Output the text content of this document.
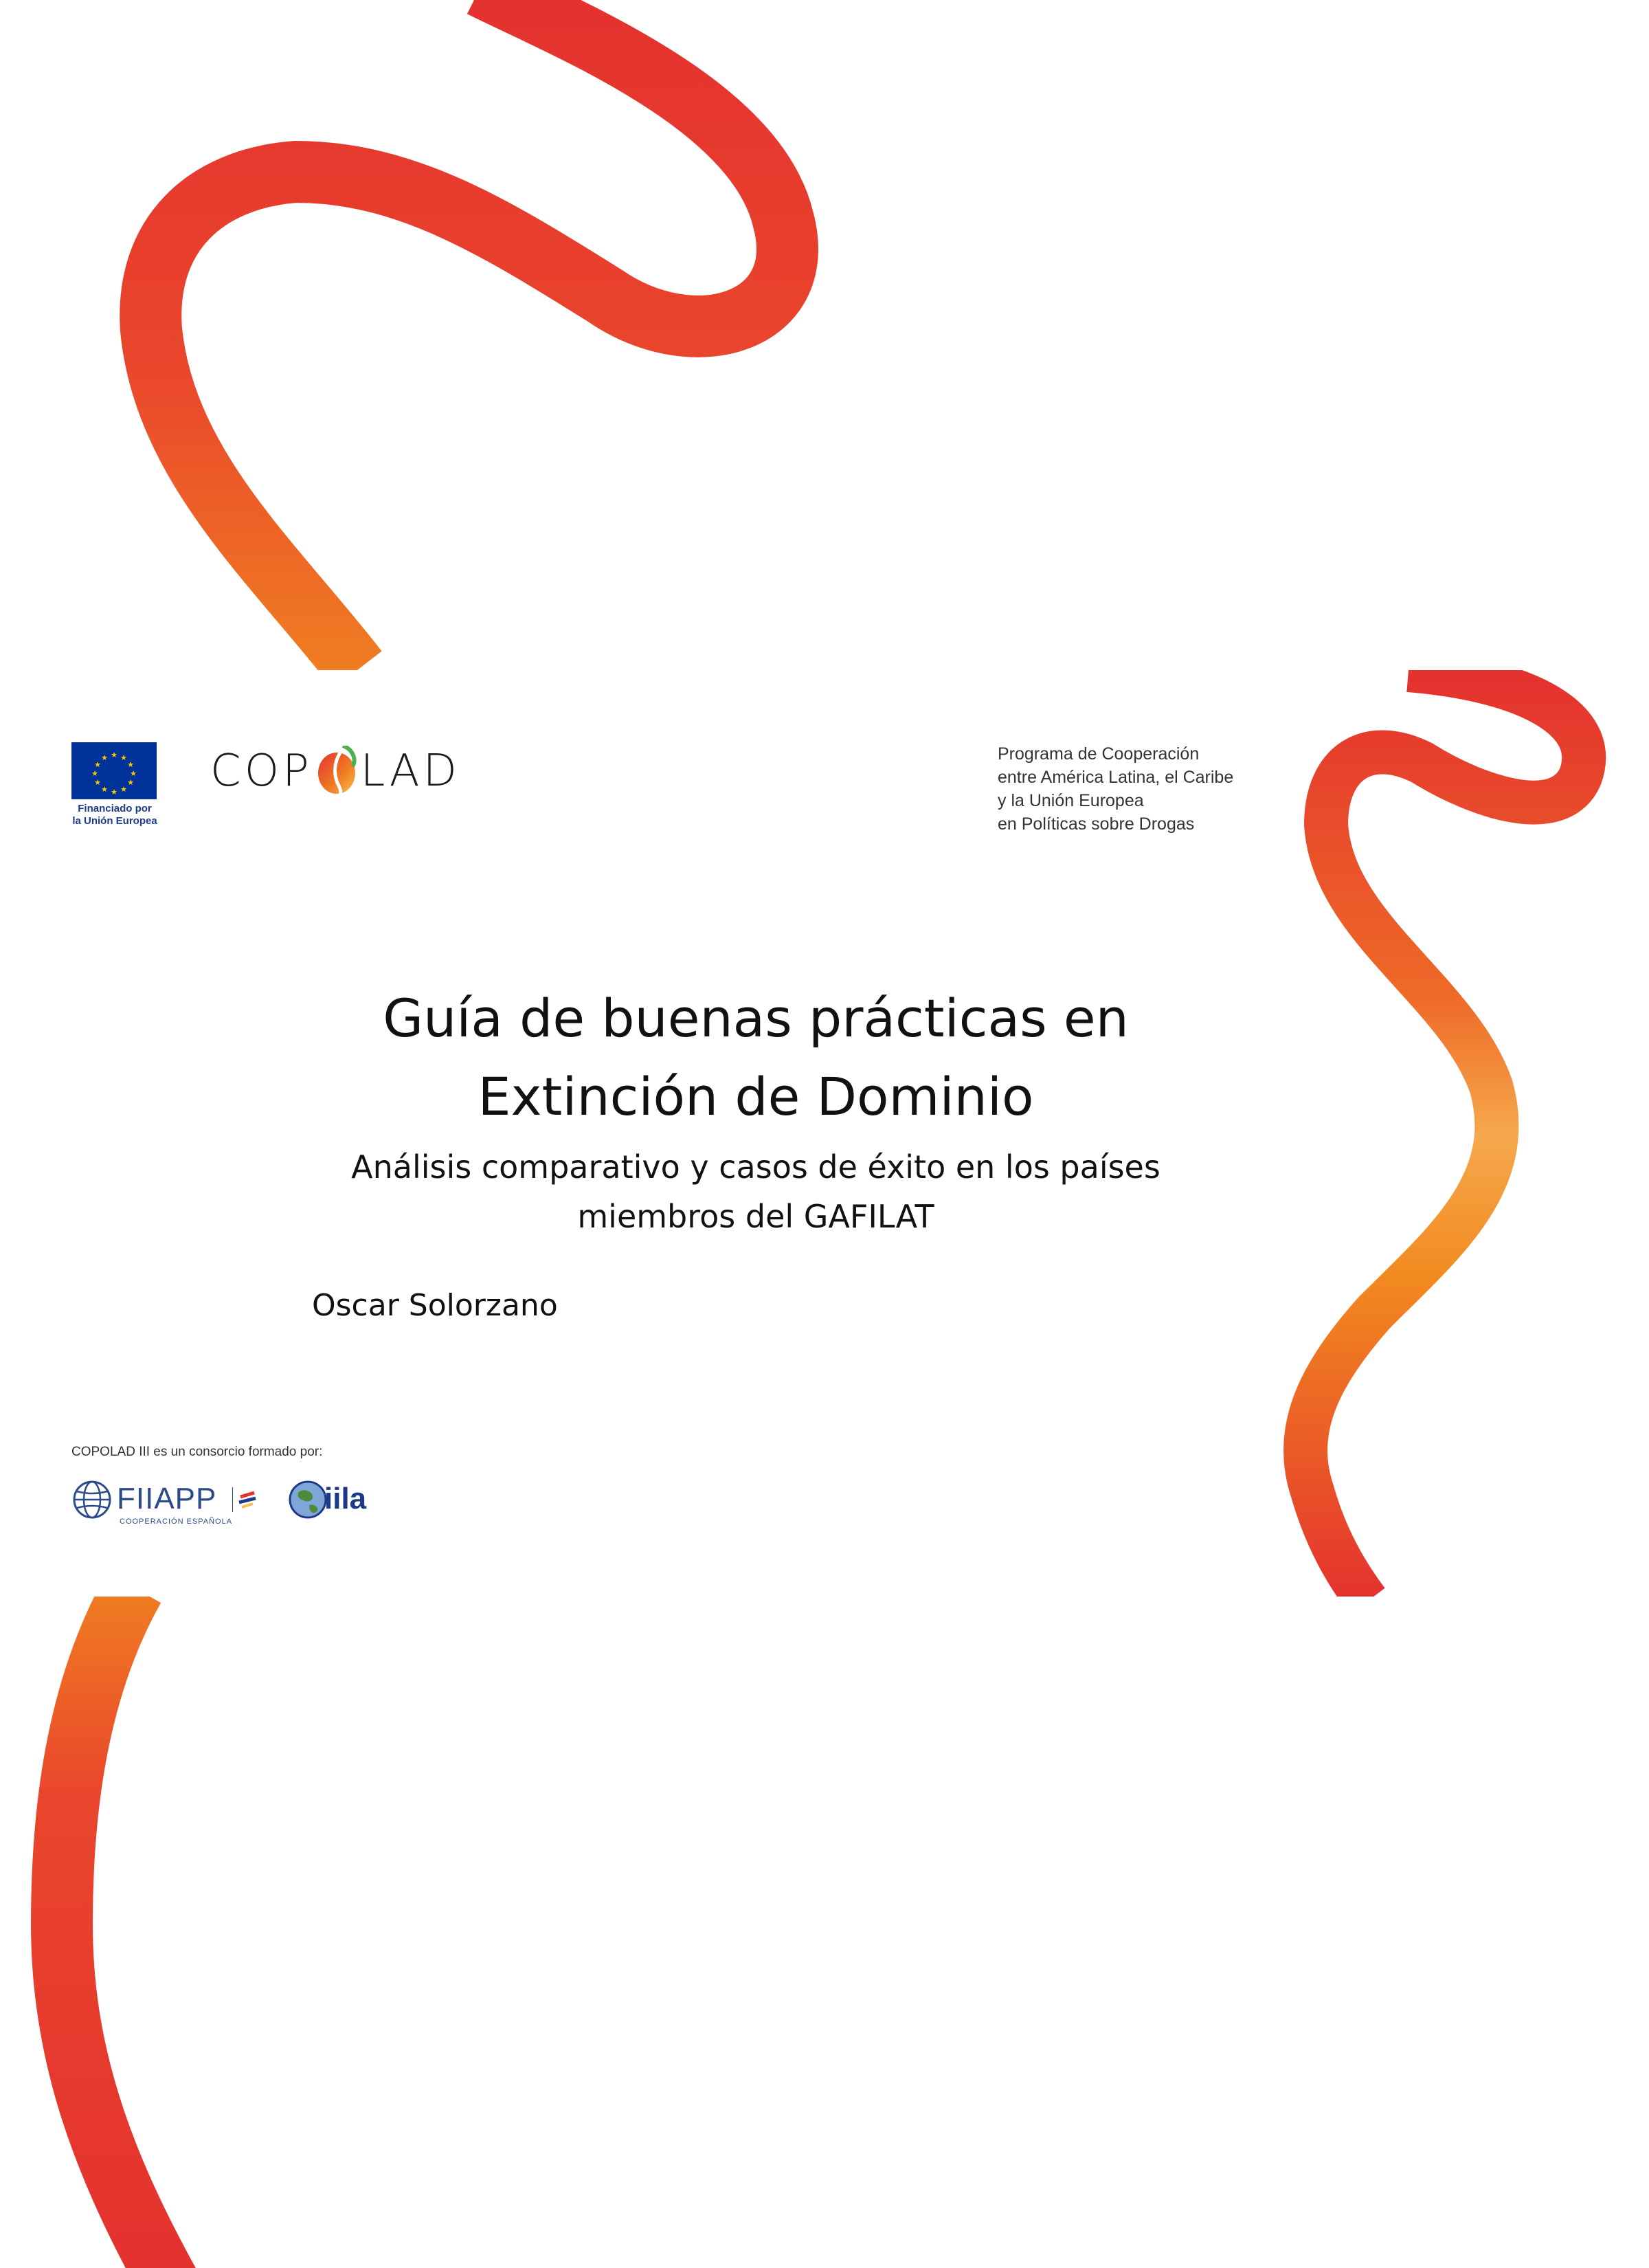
★ ★
★
★
★
★
★
★
★
★
★
★
Financiado por
la Unión Europea
COP LAD	Programa de Cooperación
entre América Latina, el Caribe
y la Unión Europea
en Políticas sobre Drogas
Guía de buenas prácticas en
Extinción de Dominio
Análisis comparativo y casos de éxito en los países
miembros del GAFILAT
Oscar Solorzano
COPOLAD III es un consorcio formado por:
FIIAPP
COOPERACIÓN ESPAÑOLA
iila
